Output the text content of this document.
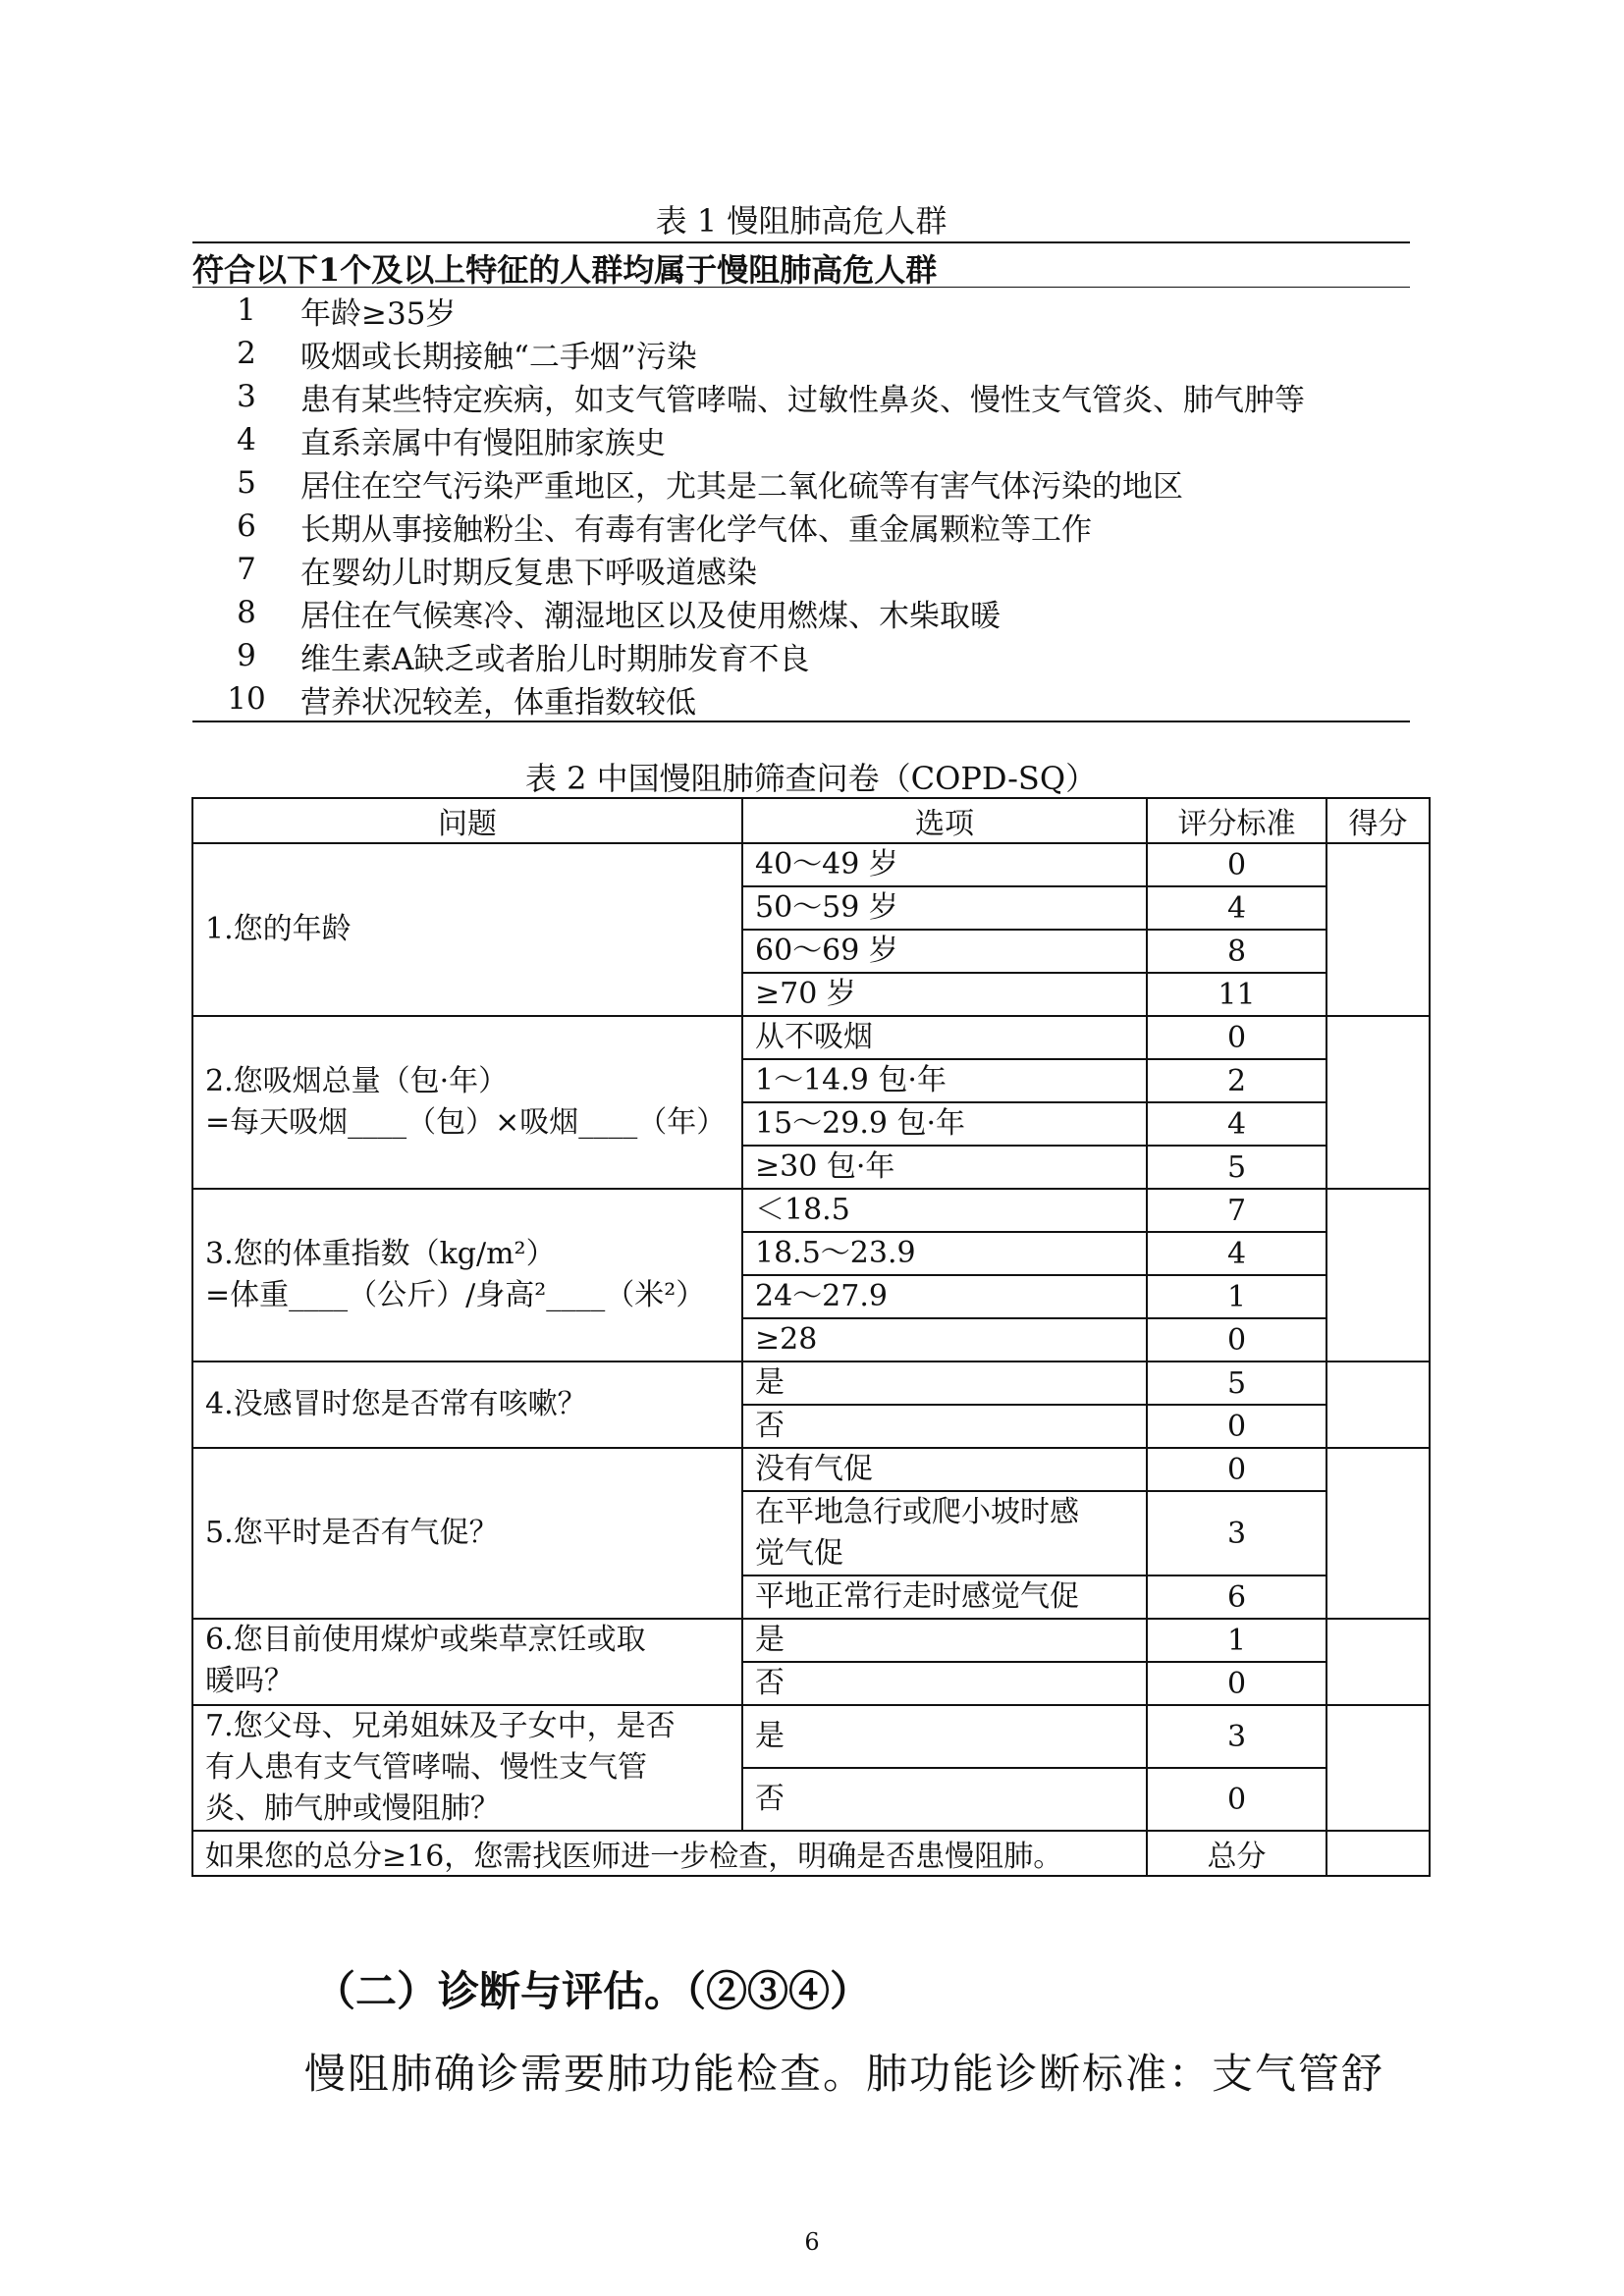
表 1 慢阻肺高危人群
符合以下1个及以上特征的人群均属于慢阻肺高危人群
1	年龄≥35岁
2	吸烟或长期接触“二手烟”污染
3	患有某些特定疾病，如支气管哮喘、过敏性鼻炎、慢性支气管炎、肺气肿等
4	直系亲属中有慢阻肺家族史
5	居住在空气污染严重地区，尤其是二氧化硫等有害气体污染的地区
6	长期从事接触粉尘、有毒有害化学气体、重金属颗粒等工作
7	在婴幼儿时期反复患下呼吸道感染
8	居住在气候寒冷、潮湿地区以及使用燃煤、木柴取暖
9	维生素A缺乏或者胎儿时期肺发育不良
10	营养状况较差，体重指数较低
表 2 中国慢阻肺筛查问卷（COPD-SQ）
问题	选项	评分标准	得分
1.您的年龄	40～49 岁	0	
	50～59 岁	4	
	60～69 岁	8	
	≥70 岁	11	

2.您吸烟总量（包·年）
=每天吸烟____（包）×吸烟____（年）	从不吸烟	0	
	1～14.9 包·年	2	
	15～29.9 包·年	4	
	≥30 包·年	5	

3.您的体重指数（kg/m²）
=体重____（公斤）/身高²____（米²）	＜18.5	7	
	18.5～23.9	4	
	24～27.9	1	
	≥28	0	
4.没感冒时您是否常有咳嗽？	是	5	
	否	0	
5.您平时是否有气促？	没有气促	0	

	在平地急行或爬小坡时感
觉气促	3	
	平地正常行走时感觉气促	6	

6.您目前使用煤炉或柴草烹饪或取
暖吗？	是	1	
	否	0	

7.您父母、兄弟姐妹及子女中，是否
有人患有支气管哮喘、慢性支气管
炎、肺气肿或慢阻肺？	是	3	
	否	0	
如果您的总分≥16，您需找医师进一步检查，明确是否患慢阻肺。		总分	
（二）诊断与评估。（②③④）
慢阻肺确诊需要肺功能检查。肺功能诊断标准：支气管舒
6
